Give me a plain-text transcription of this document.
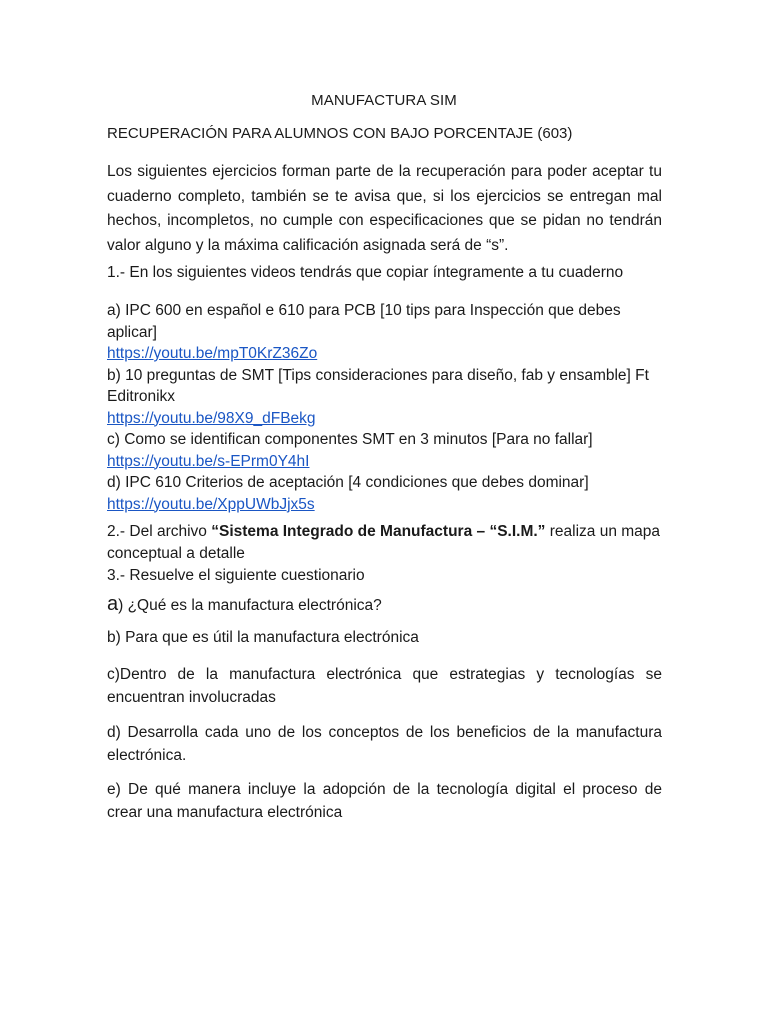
MANUFACTURA SIM
RECUPERACIÓN PARA ALUMNOS CON BAJO PORCENTAJE (603)
Los siguientes ejercicios forman parte de la recuperación para poder aceptar tu cuaderno completo, también se te avisa que, si los ejercicios se entregan mal hechos, incompletos, no cumple con especificaciones que se pidan no tendrán valor alguno y la máxima calificación asignada será de “s”.
1.- En los siguientes videos tendrás que copiar íntegramente a tu cuaderno
a) IPC 600 en español e 610 para PCB [10 tips para Inspección que debes aplicar]
https://youtu.be/mpT0KrZ36Zo
b) 10 preguntas de SMT [Tips consideraciones para diseño, fab y ensamble] Ft Editronikx
https://youtu.be/98X9_dFBekg
c) Como se identifican componentes SMT en 3 minutos [Para no fallar]
https://youtu.be/s-EPrm0Y4hI
d) IPC 610 Criterios de aceptación [4 condiciones que debes dominar]
https://youtu.be/XppUWbJjx5s
2.- Del archivo “Sistema Integrado de Manufactura – “S.I.M.” realiza un mapa conceptual a detalle
3.- Resuelve el siguiente cuestionario
a) ¿Qué es la manufactura electrónica?
b) Para que es útil la manufactura electrónica
c)Dentro de la manufactura electrónica que estrategias y tecnologías se encuentran involucradas
d) Desarrolla cada uno de los conceptos de los beneficios de la manufactura electrónica.
e) De qué manera incluye la adopción de la tecnología digital el proceso de crear una manufactura electrónica
